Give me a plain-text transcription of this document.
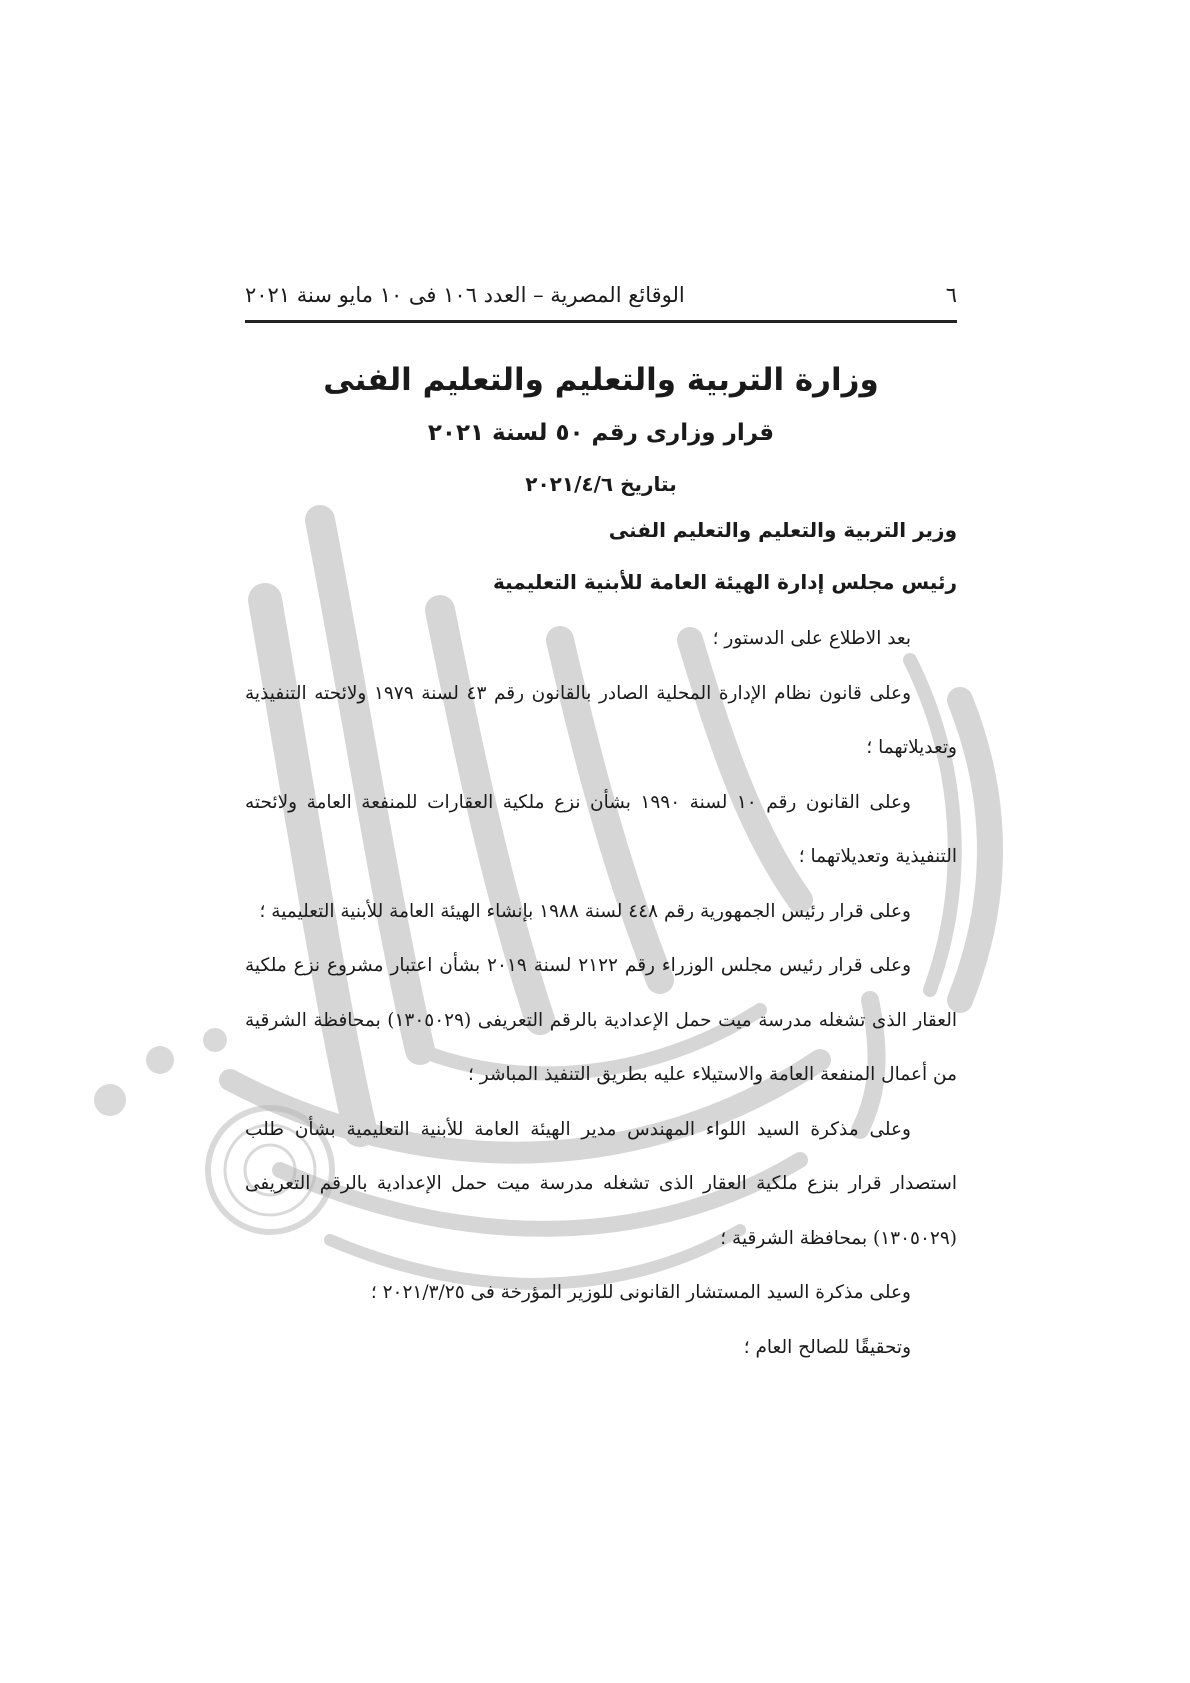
٦
الوقائع المصرية – العدد ١٠٦ فى ١٠ مايو سنة ٢٠٢١
وزارة التربية والتعليم والتعليم الفنى
قرار وزارى رقم ٥٠ لسنة ٢٠٢١
بتاريخ ٢٠٢١/٤/٦
وزير التربية والتعليم والتعليم الفنى
رئيس مجلس إدارة الهيئة العامة للأبنية التعليمية

بعد الاطلاع على الدستور ؛

وعلى قانون نظام الإدارة المحلية الصادر بالقانون رقم ٤٣ لسنة ١٩٧٩ ولائحته التنفيذية وتعديلاتهما ؛

وعلى القانون رقم ١٠ لسنة ١٩٩٠ بشأن نزع ملكية العقارات للمنفعة العامة ولائحته التنفيذية وتعديلاتهما ؛

وعلى قرار رئيس الجمهورية رقم ٤٤٨ لسنة ١٩٨٨ بإنشاء الهيئة العامة للأبنية التعليمية ؛

وعلى قرار رئيس مجلس الوزراء رقم ٢١٢٢ لسنة ٢٠١٩ بشأن اعتبار مشروع نزع ملكية العقار الذى تشغله مدرسة ميت حمل الإعدادية بالرقم التعريفى (١٣٠٥٠٢٩) بمحافظة الشرقية من أعمال المنفعة العامة والاستيلاء عليه بطريق التنفيذ المباشر ؛

وعلى مذكرة السيد اللواء المهندس مدير الهيئة العامة للأبنية التعليمية بشأن طلب استصدار قرار بنزع ملكية العقار الذى تشغله مدرسة ميت حمل الإعدادية بالرقم التعريفى (١٣٠٥٠٢٩) بمحافظة الشرقية ؛

وعلى مذكرة السيد المستشار القانونى للوزير المؤرخة فى ٢٠٢١/٣/٢٥ ؛

وتحقيقًا للصالح العام ؛
